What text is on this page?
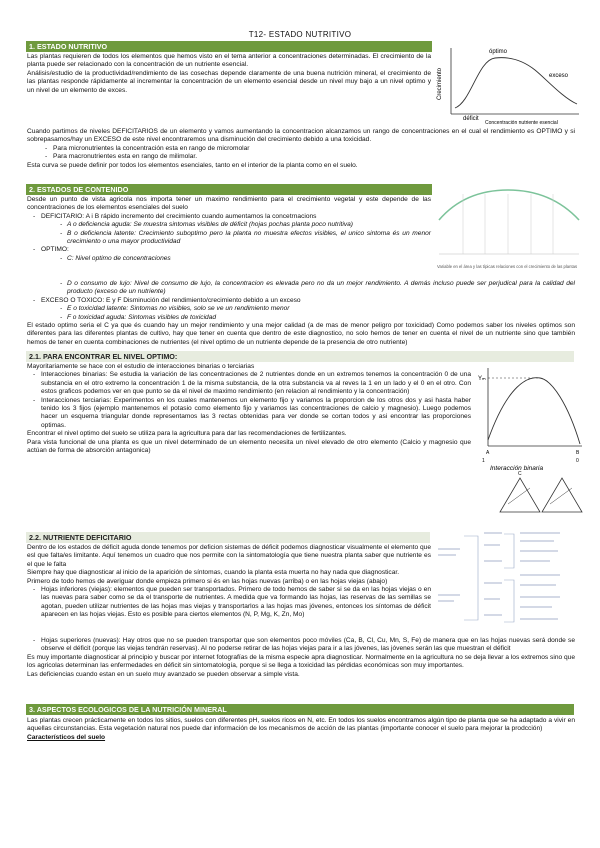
T12- ESTADO NUTRITIVO
1. ESTADO NUTRITIVO

Las plantas requieren de todos los elementos que hemos visto en el tema anterior a concentraciones determinadas. El crecimiento de la planta puede ser relacionado con la concentración de un nutriente esencial.

Análisis/estudio de la productividad/rendimiento de las cosechas depende claramente de una buena nutrición mineral, el crecimiento de las plantas responde rápidamente al incrementar la concentración de un elemento esencial desde un nivel muy bajo a un nivel optimo y un nivel de un elemento de exces.

Cuando partimos de niveles DEFICITARIOS de un elemento y vamos aumentando la concentracion alcanzamos un rango de concentraciones en el cual el rendimiento es OPTIMO y si sobrepasamos/hay un EXCESO de este nivel encontraremos una disminución del crecimiento debido a una toxicidad.

- Para micronutrientes la concentración esta en rango de micromolar

- Para macronutrientes esta en rango de milimolar.

Esta curva se puede definir por todos los elementos esenciales, tanto en el interior de la planta como en el suelo.

Crecimiento
óptimo
exceso
déficit
Concentración nutriente esencial
2. ESTADOS DE CONTENIDO

Desde un punto de vista agricola nos importa tener un maximo rendimiento para el crecimiento vegetal y este depende de las concentraciones de los elementos esenciales del suelo

- DEFICITARIO: A i B rápido incremento del crecimiento cuando aumentamos la concetrnacions

- A o deficiencia aguda: Se muestra sintomas visibles de déficit (hojas pochas planta poco nutritiva)

- B o deficiencia latente: Crecimiento suboptimo pero la planta no muestra efectos visibles, el unico sintoma és un menor crecimiento o una mayor productividad

- OPTIMO:

- C: Nivel optimo de concentraciones

- D o consumo de lujo: Nivel de consumo de lujo, la concentracion es elevada pero no da un mejor rendimiento. A demás incluso puede ser perjudical para la calidad del producto (exceso de un nutriente)

- EXCESO O TOXICO: E y F Disminución del rendimiento/crecimiento debido a un exceso

- E o toxicidad latente: Sintomas no visibles, solo se ve un rendimiento menor

- F o toxicidad aguda: Sintomas visibles de toxicidad

El estado optimo seria el C ya que és cuando hay un mejor rendimiento y una mejor calidad (a de mas de menor peligro por toxicidad) Como podemos saber los niveles optimos son diferentes para las diferentes plantas de cultivo, hay que tener en cuenta que dentro de este diagnostico, no solo hemos de tener en cuenta el nivel de un nutriente sino que también hemos de tener en cuenta combinaciones de nutrientes (el nivel optimo de un nutriente depende de la presencia de otro nutriente)

Variable en el área y las típicas relaciones con el crecimiento de las plantas
2.1. PARA ENCONTRAR EL NIVEL OPTIMO:

Mayoritariamente se hace con el estudio de interacciones binarias o terciarias

- Interacciones binarias: Se estudia la variación de las concentraciones de 2 nutrientes donde en un extremos tenemos la concentración 0 de una substancia en el otro extremo la concentración 1 de la misma substancia, de la otra substancia va al reves la 1 en un lado y el 0 en el otro. Con estos graficos podemos ver en que punto se da el nivel de maximo rendimiento (en relacion al rendimiento y la concentración)

- Interacciones terciarias: Experimentos en los cuales mantenemos un elemento fijo y variamos la proporcion de los otros dos y asi hasta haber tenido los 3 fijos (ejemplo mantenemos el potasio como elemento fijo y variamos las concentraciones de calcio y magnesio). Luego podemos hacer un esquema triangular donde representamos las 3 rectas obtenidas para ver donde se cortan todos y asi encontrar las proporciones optimas.

Encontrar el nivel optimo del suelo se utiliza para la agricultura para dar las recomendaciones de fertilizantes.

Para vista funcional de una planta es que un nivel determinado de un elemento necesita un nivel elevado de otro elemento (Calcio y magnesio que actúan de forma de absorción antagonica)

Yₘ
A	B
1	0
Interacción binaria
C
2.2. NUTRIENTE DEFICITARIO

Dentro de los estados de déficit aguda donde tenemos por deficion sistemas de déficit podemos diagnosticar visualmente el elemento que esl que falta/es limitante. Aquí tenemos un cuadro que nos permite con la sintomatología que tiene nuestra planta saber que nutriente es el que le falta

Siempre hay que diagnosticar al inicio de la aparición de síntomas, cuando la planta esta muerta no hay nada que diagnosticar.

Primero de todo hemos de averiguar donde empieza primero si és en las hojas nuevas (arriba) o en las hojas viejas (abajo)

- Hojas inferiores (viejas): elementos que pueden ser transportados. Primero de todo hemos de saber si se da en las hojas viejas o en las nuevas para saber como se da el transporte de nutrientes. A medida que va formando las hojas, las reservas de las semillas se agotan, pueden utilizar nutrientes de las hojas mas viejas y transportarlos a las hojas mas jóvenes, entonces los síntomas de déficit aparecen en las hojas viejas. Esto es posible para ciertos elementos (N, P, Mg, K, Zn, Mo)

- Hojas superiores (nuevas): Hay otros que no se pueden transportar que son elementos poco móviles (Ca, B, Cl, Cu, Mn, S, Fe) de manera que en las hojas nuevas será donde se observe el déficit (porque las viejas tendrán reservas). Al no poderse retirar de las hojas viejas para ir a las jóvenes, las jóvenes serán las que muestran el déficit

Es muy importante diagnosticar al principio y buscar por internet fotografías de la misma especie apra diagnosticar. Normalmente en la agricultura no se deja llevar a los extremos sino que los agricolas determinan las enfermedades en déficit sin sintomatología, porque si se llega a toxicidad las pérdidas económicas son muy importantes.

Las deficiencias cuando estan en un suelo muy avanzado se pueden observar a simple vista.

3. ASPECTOS ECOLOGICOS DE LA NUTRICIÓN MINERAL

Las plantas crecen prácticamente en todos los sitios, suelos con diferentes pH, suelos ricos en N, etc. En todos los suelos encontramos algún tipo de planta que se ha adaptado a vivir en aquellas circunstancias. Esta vegetación natural nos puede dar información de los mecanismos de acción de las plantas (importante conocer el suelo para mejorar la prodcción)

Característicos del suelo
